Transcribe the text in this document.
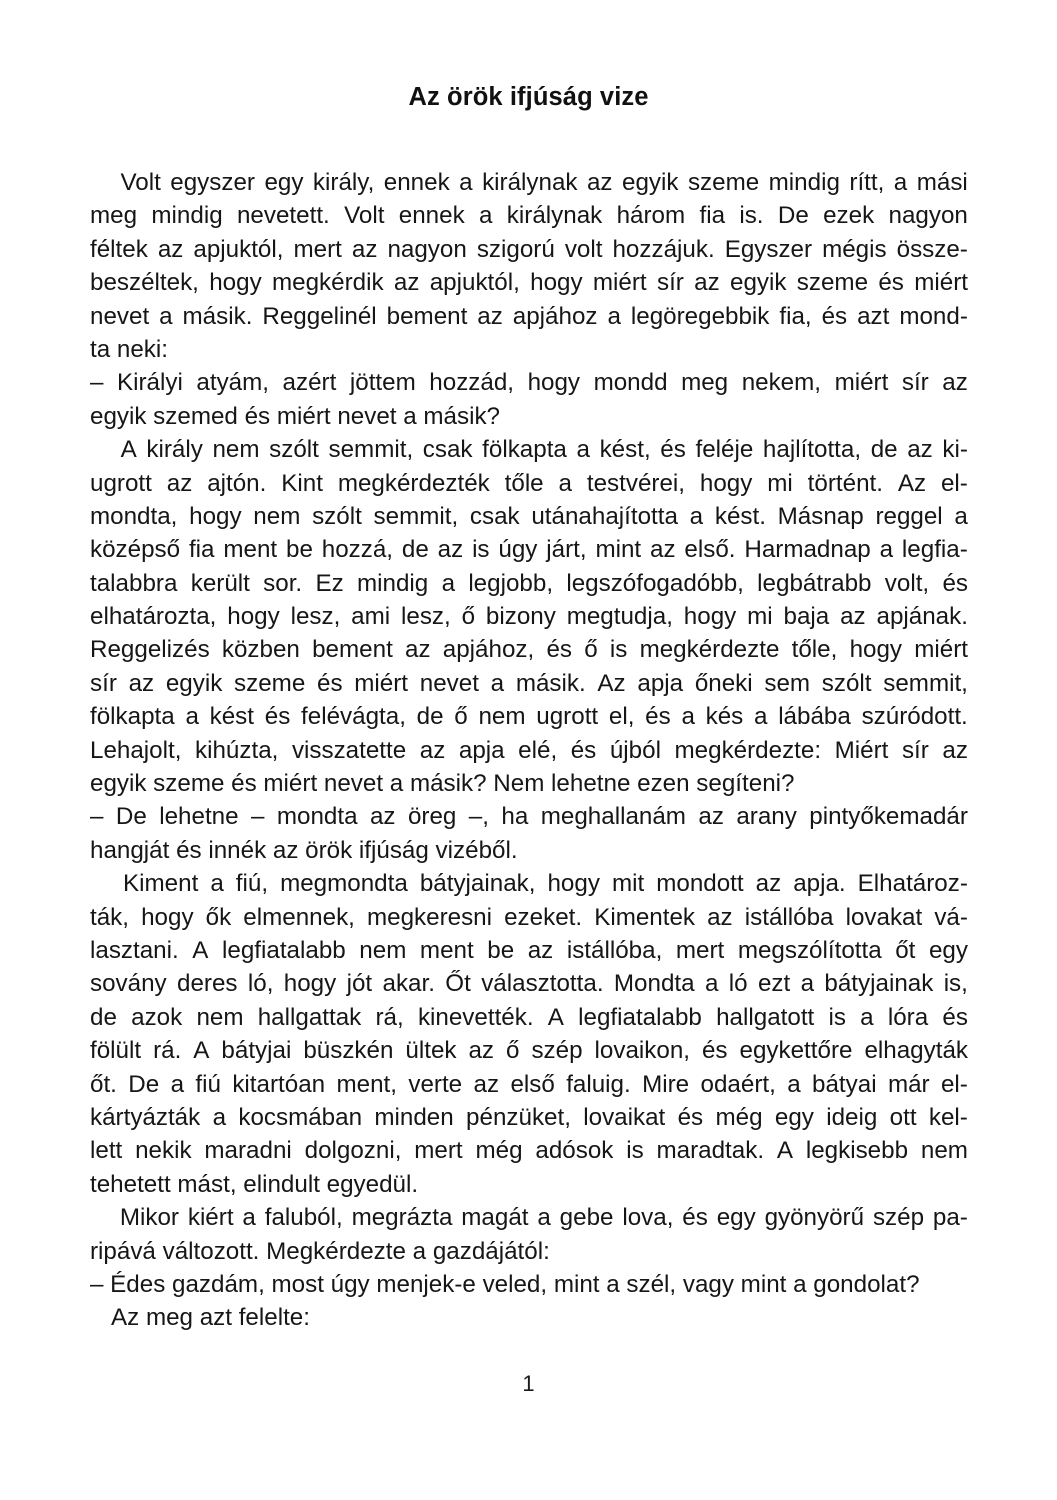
Az örök ifjúság vize
Volt egyszer egy király, ennek a királynak az egyik szeme mindig rítt, a mási
meg mindig nevetett. Volt ennek a királynak három fia is. De ezek nagyon
féltek az apjuktól, mert az nagyon szigorú volt hozzájuk. Egyszer mégis össze-
beszéltek, hogy megkérdik az apjuktól, hogy miért sír az egyik szeme és miért
nevet a másik. Reggelinél bement az apjához a legöregebbik fia, és azt mond-
ta neki:
– Királyi atyám, azért jöttem hozzád, hogy mondd meg nekem, miért sír az
egyik szemed és miért nevet a másik?
A király nem szólt semmit, csak fölkapta a kést, és feléje hajlította, de az ki-
ugrott az ajtón. Kint megkérdezték tőle a testvérei, hogy mi történt. Az el-
mondta, hogy nem szólt semmit, csak utánahajította a kést. Másnap reggel a
középső fia ment be hozzá, de az is úgy járt, mint az első. Harmadnap a legfia-
talabbra került sor. Ez mindig a legjobb, legszófogadóbb, legbátrabb volt, és
elhatározta, hogy lesz, ami lesz, ő bizony megtudja, hogy mi baja az apjának.
Reggelizés közben bement az apjához, és ő is megkérdezte tőle, hogy miért
sír az egyik szeme és miért nevet a másik. Az apja őneki sem szólt semmit,
fölkapta a kést és felévágta, de ő nem ugrott el, és a kés a lábába szúródott.
Lehajolt, kihúzta, visszatette az apja elé, és újból megkérdezte: Miért sír az
egyik szeme és miért nevet a másik? Nem lehetne ezen segíteni?
– De lehetne – mondta az öreg –, ha meghallanám az arany pintyőkemadár
hangját és innék az örök ifjúság vizéből.
Kiment a fiú, megmondta bátyjainak, hogy mit mondott az apja. Elhatároz-
ták, hogy ők elmennek, megkeresni ezeket. Kimentek az istállóba lovakat vá-
lasztani. A legfiatalabb nem ment be az istállóba, mert megszólította őt egy
sovány deres ló, hogy jót akar. Őt választotta. Mondta a ló ezt a bátyjainak is,
de azok nem hallgattak rá, kinevették. A legfiatalabb hallgatott is a lóra és
fölült rá. A bátyjai büszkén ültek az ő szép lovaikon, és egykettőre elhagyták
őt. De a fiú kitartóan ment, verte az első faluig. Mire odaért, a bátyai már el-
kártyázták a kocsmában minden pénzüket, lovaikat és még egy ideig ott kel-
lett nekik maradni dolgozni, mert még adósok is maradtak. A legkisebb nem
tehetett mást, elindult egyedül.
Mikor kiért a faluból, megrázta magát a gebe lova, és egy gyönyörű szép pa-
ripává változott. Megkérdezte a gazdájától:
– Édes gazdám, most úgy menjek-e veled, mint a szél, vagy mint a gondolat?
Az meg azt felelte:
1
